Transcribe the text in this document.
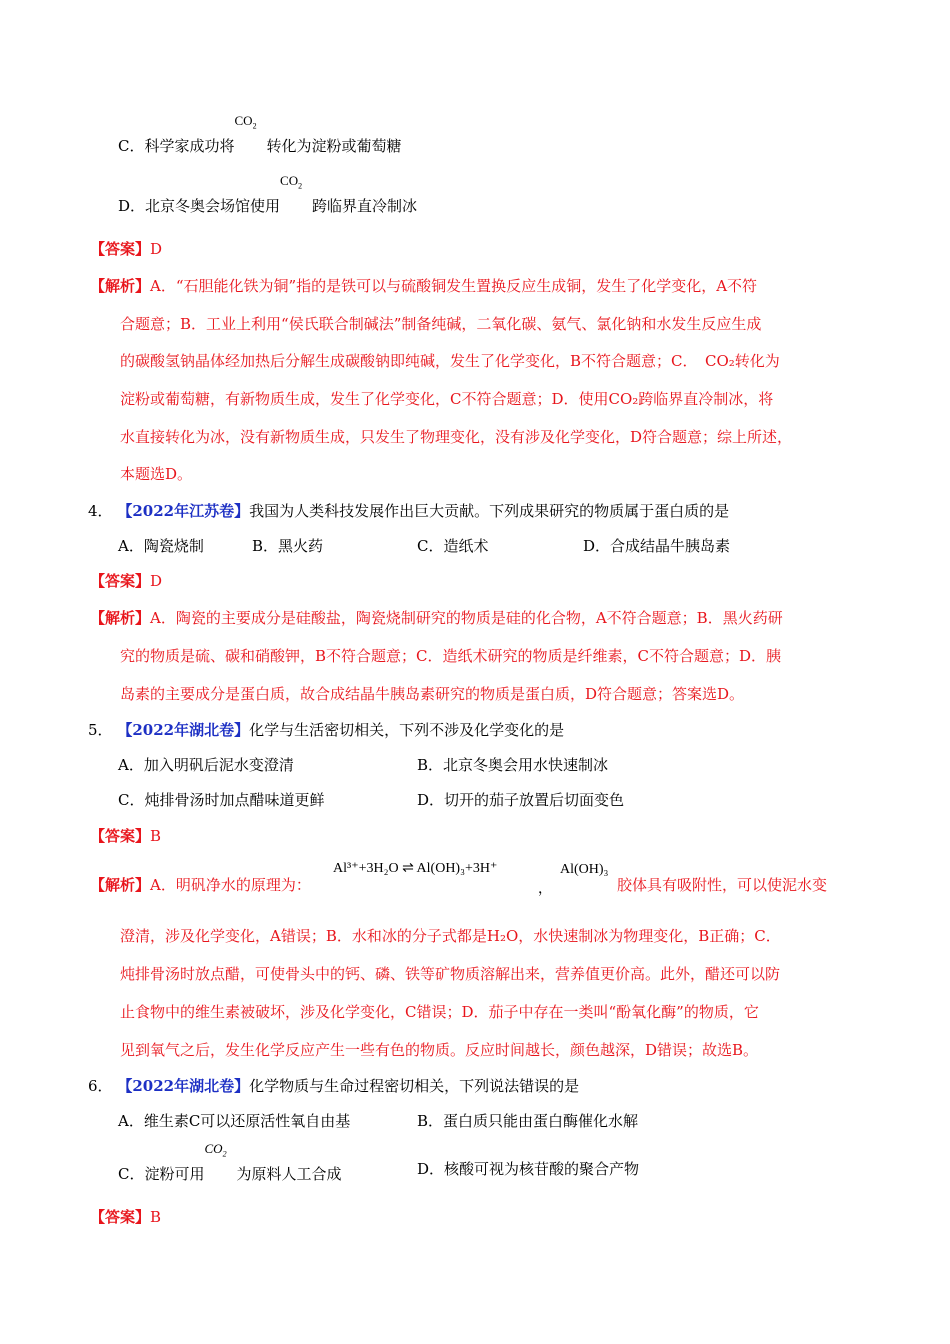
C．科学家成功将
$CO_2$
转化为淀粉或葡萄糖
D．北京冬奥会场馆使用
$CO_2$
跨临界直冷制冰
【答案】D
【解析】A．“石胆能化铁为铜”指的是铁可以与硫酸铜发生置换反应生成铜，发生了化学变化，A不符
合题意；B．工业上利用“侯氏联合制碱法”制备纯碱，二氧化碳、氨气、氯化钠和水发生反应生成
的碳酸氢钠晶体经加热后分解生成碳酸钠即纯碱，发生了化学变化，B不符合题意；C．　CO₂转化为
淀粉或葡萄糖，有新物质生成，发生了化学变化，C不符合题意；D．使用CO₂跨临界直冷制冰，将
水直接转化为冰，没有新物质生成，只发生了物理变化，没有涉及化学变化，D符合题意；综上所述，
本题选D。
4． 【2022年江苏卷】我国为人类科技发展作出巨大贡献。下列成果研究的物质属于蛋白质的是
A．陶瓷烧制	B．黑火药	C．造纸术	D．合成结晶牛胰岛素
【答案】D
【解析】A．陶瓷的主要成分是硅酸盐，陶瓷烧制研究的物质是硅的化合物，A不符合题意；B．黑火药研
究的物质是硫、碳和硝酸钾，B不符合题意；C．造纸术研究的物质是纤维素，C不符合题意；D．胰
岛素的主要成分是蛋白质，故合成结晶牛胰岛素研究的物质是蛋白质，D符合题意；答案选D。
5． 【2022年湖北卷】化学与生活密切相关，下列不涉及化学变化的是
A．加入明矾后泥水变澄清	B．北京冬奥会用水快速制冰
C．炖排骨汤时加点醋味道更鲜	D．切开的茄子放置后切面变色
【答案】B
【解析】A．明矾净水的原理为：
Al³⁺+3H₂O ⇌ Al(OH)₃+3H⁺
，
Al(OH)₃
胶体具有吸附性，可以使泥水变
澄清，涉及化学变化，A错误；B．水和冰的分子式都是H₂O，水快速制冰为物理变化，B正确；C．
炖排骨汤时放点醋，可使骨头中的钙、磷、铁等矿物质溶解出来，营养值更价高。此外，醋还可以防
止食物中的维生素被破坏，涉及化学变化，C错误；D．茄子中存在一类叫“酚氧化酶”的物质，它
见到氧气之后，发生化学反应产生一些有色的物质。反应时间越长，颜色越深，D错误；故选B。
6． 【2022年湖北卷】化学物质与生命过程密切相关，下列说法错误的是
A．维生素C可以还原活性氧自由基	B．蛋白质只能由蛋白酶催化水解
C．淀粉可用
$CO_2$
为原料人工合成	D．核酸可视为核苷酸的聚合产物
【答案】B
